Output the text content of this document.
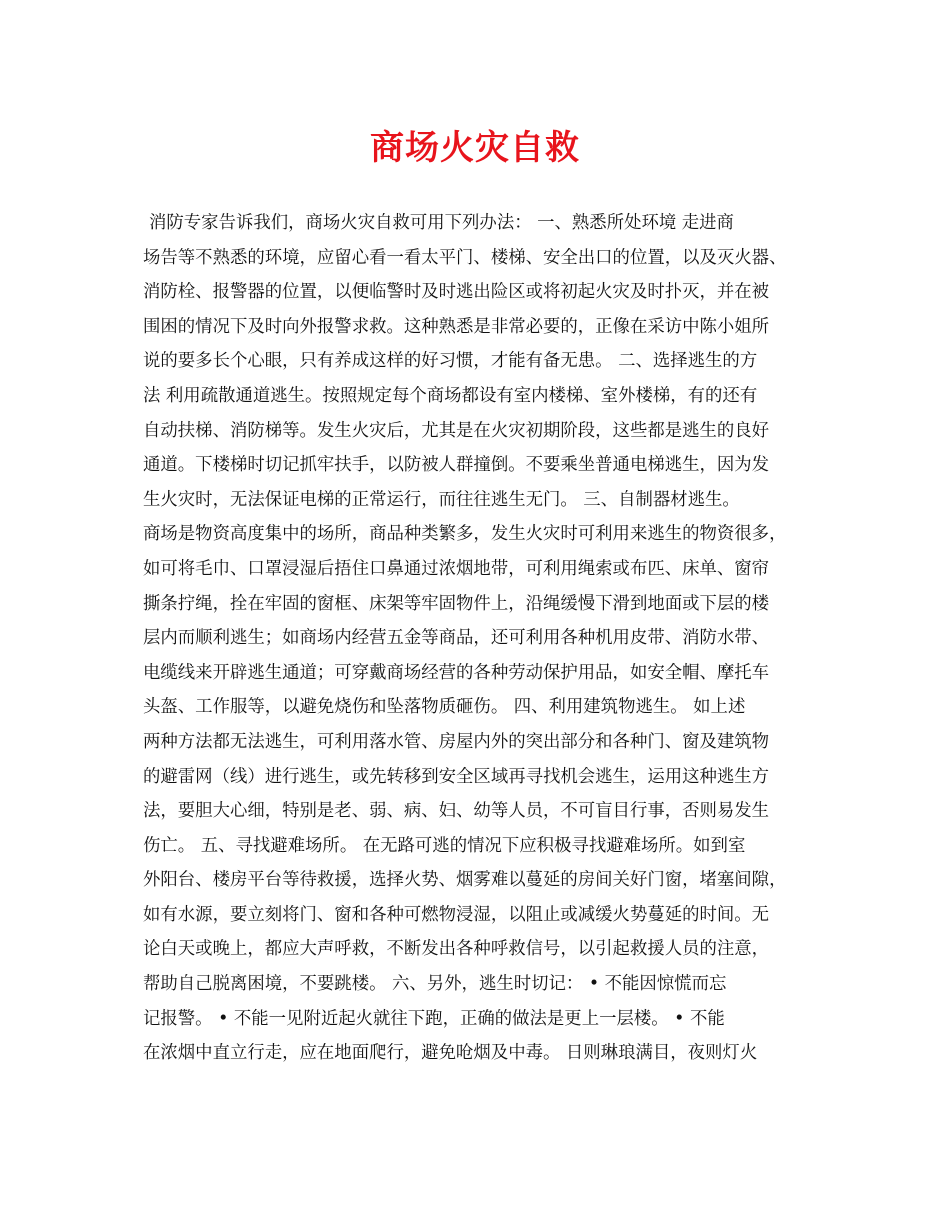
商场火灾自救
消防专家告诉我们，商场火灾自救可用下列办法： 一、熟悉所处环境 走进商
场告等不熟悉的环境，应留心看一看太平门、楼梯、安全出口的位置，以及灭火器、
消防栓、报警器的位置，以便临警时及时逃出险区或将初起火灾及时扑灭，并在被
围困的情况下及时向外报警求救。这种熟悉是非常必要的，正像在采访中陈小姐所
说的要多长个心眼，只有养成这样的好习惯，才能有备无患。 二、选择逃生的方
法 利用疏散通道逃生。按照规定每个商场都设有室内楼梯、室外楼梯，有的还有
自动扶梯、消防梯等。发生火灾后，尤其是在火灾初期阶段，这些都是逃生的良好
通道。下楼梯时切记抓牢扶手，以防被人群撞倒。不要乘坐普通电梯逃生，因为发
生火灾时，无法保证电梯的正常运行，而往往逃生无门。 三、自制器材逃生。
商场是物资高度集中的场所，商品种类繁多，发生火灾时可利用来逃生的物资很多，
如可将毛巾、口罩浸湿后捂住口鼻通过浓烟地带，可利用绳索或布匹、床单、窗帘
撕条拧绳，拴在牢固的窗框、床架等牢固物件上，沿绳缓慢下滑到地面或下层的楼
层内而顺利逃生；如商场内经营五金等商品，还可利用各种机用皮带、消防水带、
电缆线来开辟逃生通道；可穿戴商场经营的各种劳动保护用品，如安全帽、摩托车
头盔、工作服等，以避免烧伤和坠落物质砸伤。 四、利用建筑物逃生。 如上述
两种方法都无法逃生，可利用落水管、房屋内外的突出部分和各种门、窗及建筑物
的避雷网（线）进行逃生，或先转移到安全区域再寻找机会逃生，运用这种逃生方
法，要胆大心细，特别是老、弱、病、妇、幼等人员，不可盲目行事，否则易发生
伤亡。 五、寻找避难场所。 在无路可逃的情况下应积极寻找避难场所。如到室
外阳台、楼房平台等待救援，选择火势、烟雾难以蔓延的房间关好门窗，堵塞间隙，
如有水源，要立刻将门、窗和各种可燃物浸湿，以阻止或减缓火势蔓延的时间。无
论白天或晚上，都应大声呼救，不断发出各种呼救信号，以引起救援人员的注意，
帮助自己脱离困境，不要跳楼。 六、另外，逃生时切记： • 不能因惊慌而忘
记报警。 • 不能一见附近起火就往下跑，正确的做法是更上一层楼。 • 不能
在浓烟中直立行走，应在地面爬行，避免呛烟及中毒。 日则琳琅满目，夜则灯火
